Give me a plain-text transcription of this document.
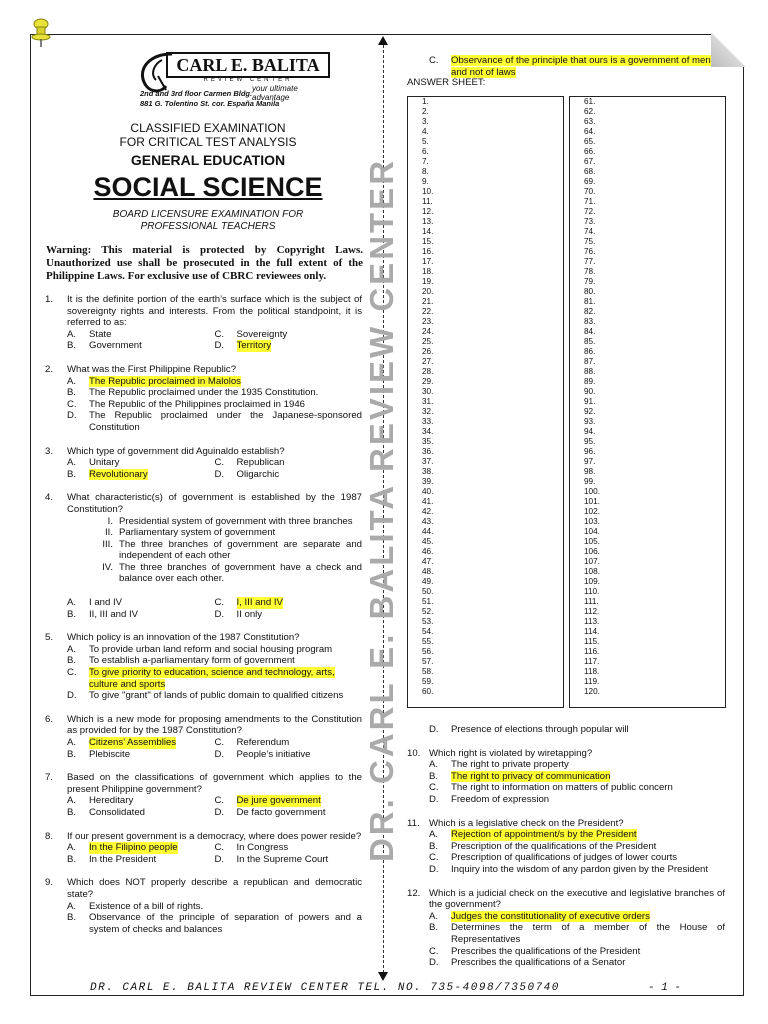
DR. CARL E. BALITA REVIEW CENTER
CARL E. BALITA
REVIEW CENTER
your ultimate advantage
2nd and 3rd floor Carmen Bldg.
881 G. Tolentino St. cor. España Manila
CLASSIFIED EXAMINATION
FOR CRITICAL TEST ANALYSIS
GENERAL EDUCATION
SOCIAL SCIENCE
BOARD LICENSURE EXAMINATION FOR
PROFESSIONAL TEACHERS
Warning: This material is protected by Copyright Laws. Unauthorized use shall be prosecuted in the full extent of the Philippine Laws. For exclusive use of CBRC reviewees only.
1. It is the definite portion of the earth’s surface which is the subject of sovereignty rights and interests. From the political standpoint, it is referred to as:
A.	State	C.	Sovereignty
B.	Government	D.	Territory
2. What was the First Philippine Republic?
A.	The Republic proclaimed in Malolos
B.	The Republic proclaimed under the 1935 Constitution.
C.	The Republic of the Philippines proclaimed in 1946
D.	The Republic proclaimed under the Japanese-sponsored Constitution
3. Which type of government did Aguinaldo establish?
A.	Unitary	C.	Republican
B.	Revolutionary	D.	Oligarchic
4. What characteristic(s) of government is established by the 1987 Constitution?
I. Presidential system of government with three branches
II. Parliamentary system of government
III. The three branches of government are separate and independent of each other
IV. The three branches of government have a check and balance over each other.
A.	I and IV	C.	I, III and IV
B.	II, III and IV	D.	II only
5. Which policy is an innovation of the 1987 Constitution?
A.	To provide urban land reform and social housing program
B.	To establish a-parliamentary form of government
C.	To give priority to education, science and technology, arts, culture and sports
D.	To give "grant" of lands of public domain to qualified citizens
6. Which is a new mode for proposing amendments to the Constitution as provided for by the 1987 Constitution?
A.	Citizens’ Assemblies	C.	Referendum
B.	Plebiscite	D.	People’s initiative
7. Based on the classifications of government which applies to the present Philippine government?
A.	Hereditary	C.	De jure government
B.	Consolidated	D.	De facto government
8. If our present government is a democracy, where does power reside?
A.	In the Filipino people	C.	In Congress
B.	In the President	D.	In the Supreme Court
9. Which does NOT properly describe a republican and democratic state?
A.	Existence of a bill of rights.
B.	Observance of the principle of separation of powers and a system of checks and balances
C.	Observance of the principle that ours is a government of men and not of laws
ANSWER SHEET:
1.
2.
3.
4.
5.
6.
7.
8.
9.
10.
11.
12.
13.
14.
15.
16.
17.
18.
19.
20.
21.
22.
23.
24.
25.
26.
27.
28.
29.
30.
31.
32.
33.
34.
35.
36.
37.
38.
39.
40.
41.
42.
43.
44.
45.
46.
47.
48.
49.
50.
51.
52.
53.
54.
55.
56.
57.
58.
59.
60.
61.
62.
63.
64.
65.
66.
67.
68.
69.
70.
71.
72.
73.
74.
75.
76.
77.
78.
79.
80.
81.
82.
83.
84.
85.
86.
87.
88.
89.
90.
91.
92.
93.
94.
95.
96.
97.
98.
99.
100.
101.
102.
103.
104.
105.
106.
107.
108.
109.
110.
111.
112.
113.
114.
115.
116.
117.
118.
119.
120.
D.	Presence of elections through popular will
10. Which right is violated by wiretapping?
A.	The right to private property
B.	The right to privacy of communication
C.	The right to information on matters of public concern
D.	Freedom of expression
11. Which is a legislative check on the President?
A.	Rejection of appointment/s by the President
B.	Prescription of the qualifications of the President
C.	Prescription of qualifications of judges of lower courts
D.	Inquiry into the wisdom of any pardon given by the President
12. Which is a judicial check on the executive and legislative branches of the government?
A.	Judges the constitutionality of executive orders
B.	Determines the term of a member of the House of Representatives
C.	Prescribes the qualifications of the President
D.	Prescribes the qualifications of a Senator
DR. CARL E. BALITA REVIEW CENTER TEL. NO. 735-4098/7350740	- 1 -
